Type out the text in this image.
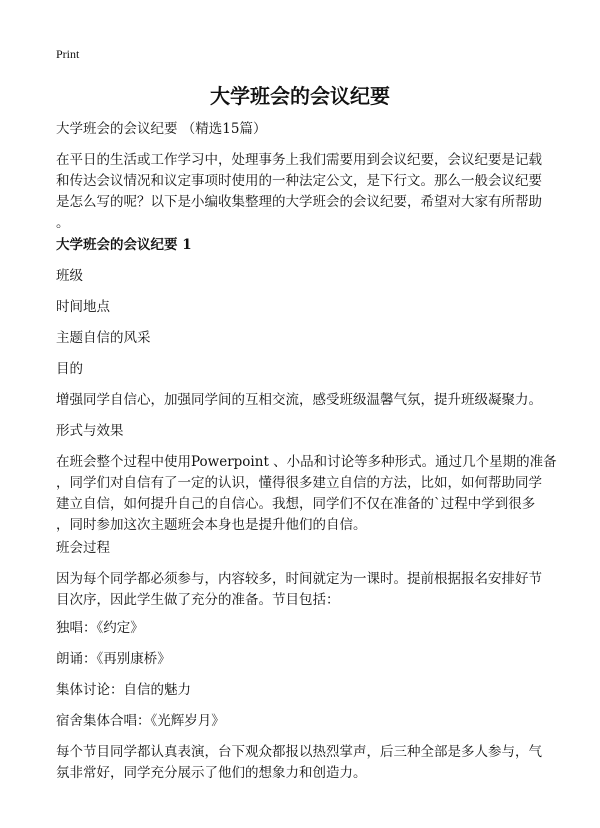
Print
大学班会的会议纪要
大学班会的会议纪要 （精选15篇）
在平日的生活或工作学习中，处理事务上我们需要用到会议纪要，会议纪要是记载
和传达会议情况和议定事项时使用的一种法定公文，是下行文。那么一般会议纪要
是怎么写的呢？以下是小编收集整理的大学班会的会议纪要，希望对大家有所帮助
。
大学班会的会议纪要 1
班级
时间地点
主题自信的风采
目的
增强同学自信心，加强同学间的互相交流，感受班级温馨气氛，提升班级凝聚力。
形式与效果
在班会整个过程中使用Powerpoint 、小品和讨论等多种形式。通过几个星期的准备
，同学们对自信有了一定的认识，懂得很多建立自信的方法，比如，如何帮助同学
建立自信，如何提升自己的自信心。我想，同学们不仅在准备的`过程中学到很多
，同时参加这次主题班会本身也是提升他们的自信。
班会过程
因为每个同学都必须参与，内容较多，时间就定为一课时。提前根据报名安排好节
目次序，因此学生做了充分的准备。节目包括：
独唱：《约定》
朗诵：《再别康桥》
集体讨论：自信的魅力
宿舍集体合唱：《光辉岁月》
每个节目同学都认真表演，台下观众都报以热烈掌声，后三种全部是多人参与，气
氛非常好，同学充分展示了他们的想象力和创造力。
